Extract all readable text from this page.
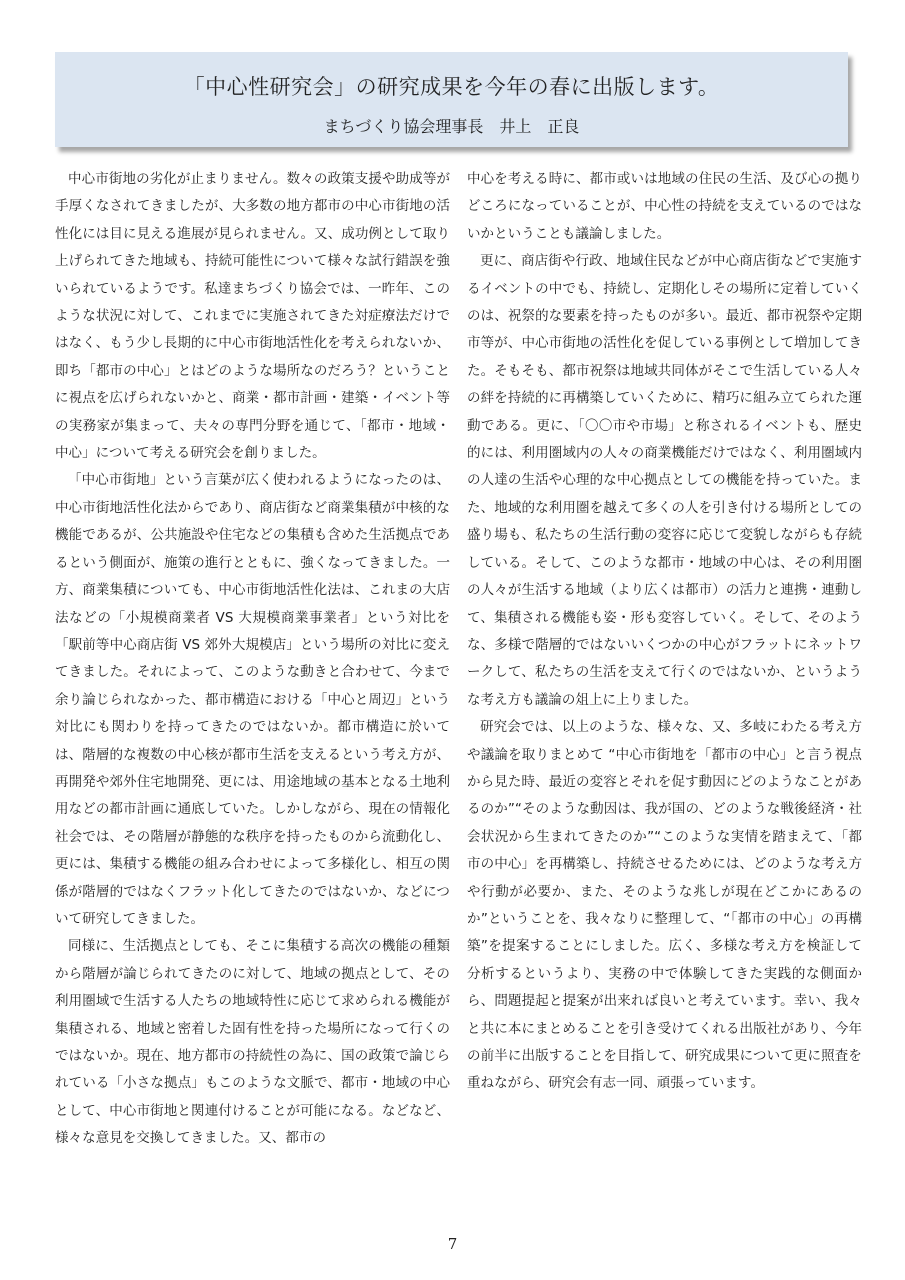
「中心性研究会」の研究成果を今年の春に出版します。
まちづくり協会理事長　井上　正良

中心市街地の劣化が止まりません。数々の政策支援や助成等が手厚くなされてきましたが、大多数の地方都市の中心市街地の活性化には目に見える進展が見られません。又、成功例として取り上げられてきた地域も、持続可能性について様々な試行錯誤を強いられているようです。私達まちづくり協会では、一昨年、このような状況に対して、これまでに実施されてきた対症療法だけではなく、もう少し長期的に中心市街地活性化を考えられないか、即ち「都市の中心」とはどのような場所なのだろう？ということに視点を広げられないかと、商業・都市計画・建築・イベント等の実務家が集まって、夫々の専門分野を通じて、「都市・地域・中心」について考える研究会を創りました。

「中心市街地」という言葉が広く使われるようになったのは、中心市街地活性化法からであり、商店街など商業集積が中核的な機能であるが、公共施設や住宅などの集積も含めた生活拠点であるという側面が、施策の進行とともに、強くなってきました。一方、商業集積についても、中心市街地活性化法は、これまの大店法などの「小規模商業者 VS 大規模商業事業者」という対比を「駅前等中心商店街 VS 郊外大規模店」という場所の対比に変えてきました。それによって、このような動きと合わせて、今まで余り論じられなかった、都市構造における「中心と周辺」という対比にも関わりを持ってきたのではないか。都市構造に於いては、階層的な複数の中心核が都市生活を支えるという考え方が、再開発や郊外住宅地開発、更には、用途地域の基本となる土地利用などの都市計画に通底していた。しかしながら、現在の情報化社会では、その階層が静態的な秩序を持ったものから流動化し、更には、集積する機能の組み合わせによって多様化し、相互の関係が階層的ではなくフラット化してきたのではないか、などについて研究してきました。

同様に、生活拠点としても、そこに集積する高次の機能の種類から階層が論じられてきたのに対して、地域の拠点として、その利用圏域で生活する人たちの地域特性に応じて求められる機能が集積される、地域と密着した固有性を持った場所になって行くのではないか。現在、地方都市の持続性の為に、国の政策で論じられている「小さな拠点」もこのような文脈で、都市・地域の中心として、中心市街地と関連付けることが可能になる。などなど、様々な意見を交換してきました。又、都市の

中心を考える時に、都市或いは地域の住民の生活、及び心の拠りどころになっていることが、中心性の持続を支えているのではないかということも議論しました。

更に、商店街や行政、地域住民などが中心商店街などで実施するイベントの中でも、持続し、定期化しその場所に定着していくのは、祝祭的な要素を持ったものが多い。最近、都市祝祭や定期市等が、中心市街地の活性化を促している事例として増加してきた。そもそも、都市祝祭は地域共同体がそこで生活している人々の絆を持続的に再構築していくために、精巧に組み立てられた運動である。更に、「〇〇市や市場」と称されるイベントも、歴史的には、利用圏域内の人々の商業機能だけではなく、利用圏域内の人達の生活や心理的な中心拠点としての機能を持っていた。また、地域的な利用圏を越えて多くの人を引き付ける場所としての盛り場も、私たちの生活行動の変容に応じて変貌しながらも存続している。そして、このような都市・地域の中心は、その利用圏の人々が生活する地域（より広くは都市）の活力と連携・連動して、集積される機能も姿・形も変容していく。そして、そのような、多様で階層的ではないいくつかの中心がフラットにネットワークして、私たちの生活を支えて行くのではないか、というような考え方も議論の俎上に上りました。

研究会では、以上のような、様々な、又、多岐にわたる考え方や議論を取りまとめて “中心市街地を「都市の中心」と言う視点から見た時、最近の変容とそれを促す動因にどのようなことがあるのか”“そのような動因は、我が国の、どのような戦後経済・社会状況から生まれてきたのか”“このような実情を踏まえて、「都市の中心」を再構築し、持続させるためには、どのような考え方や行動が必要か、また、そのような兆しが現在どこかにあるのか”ということを、我々なりに整理して、“「都市の中心」の再構築”を提案することにしました。広く、多様な考え方を検証して分析するというより、実務の中で体験してきた実践的な側面から、問題提起と提案が出来れば良いと考えています。幸い、我々と共に本にまとめることを引き受けてくれる出版社があり、今年の前半に出版することを目指して、研究成果について更に照査を重ねながら、研究会有志一同、頑張っています。

7
